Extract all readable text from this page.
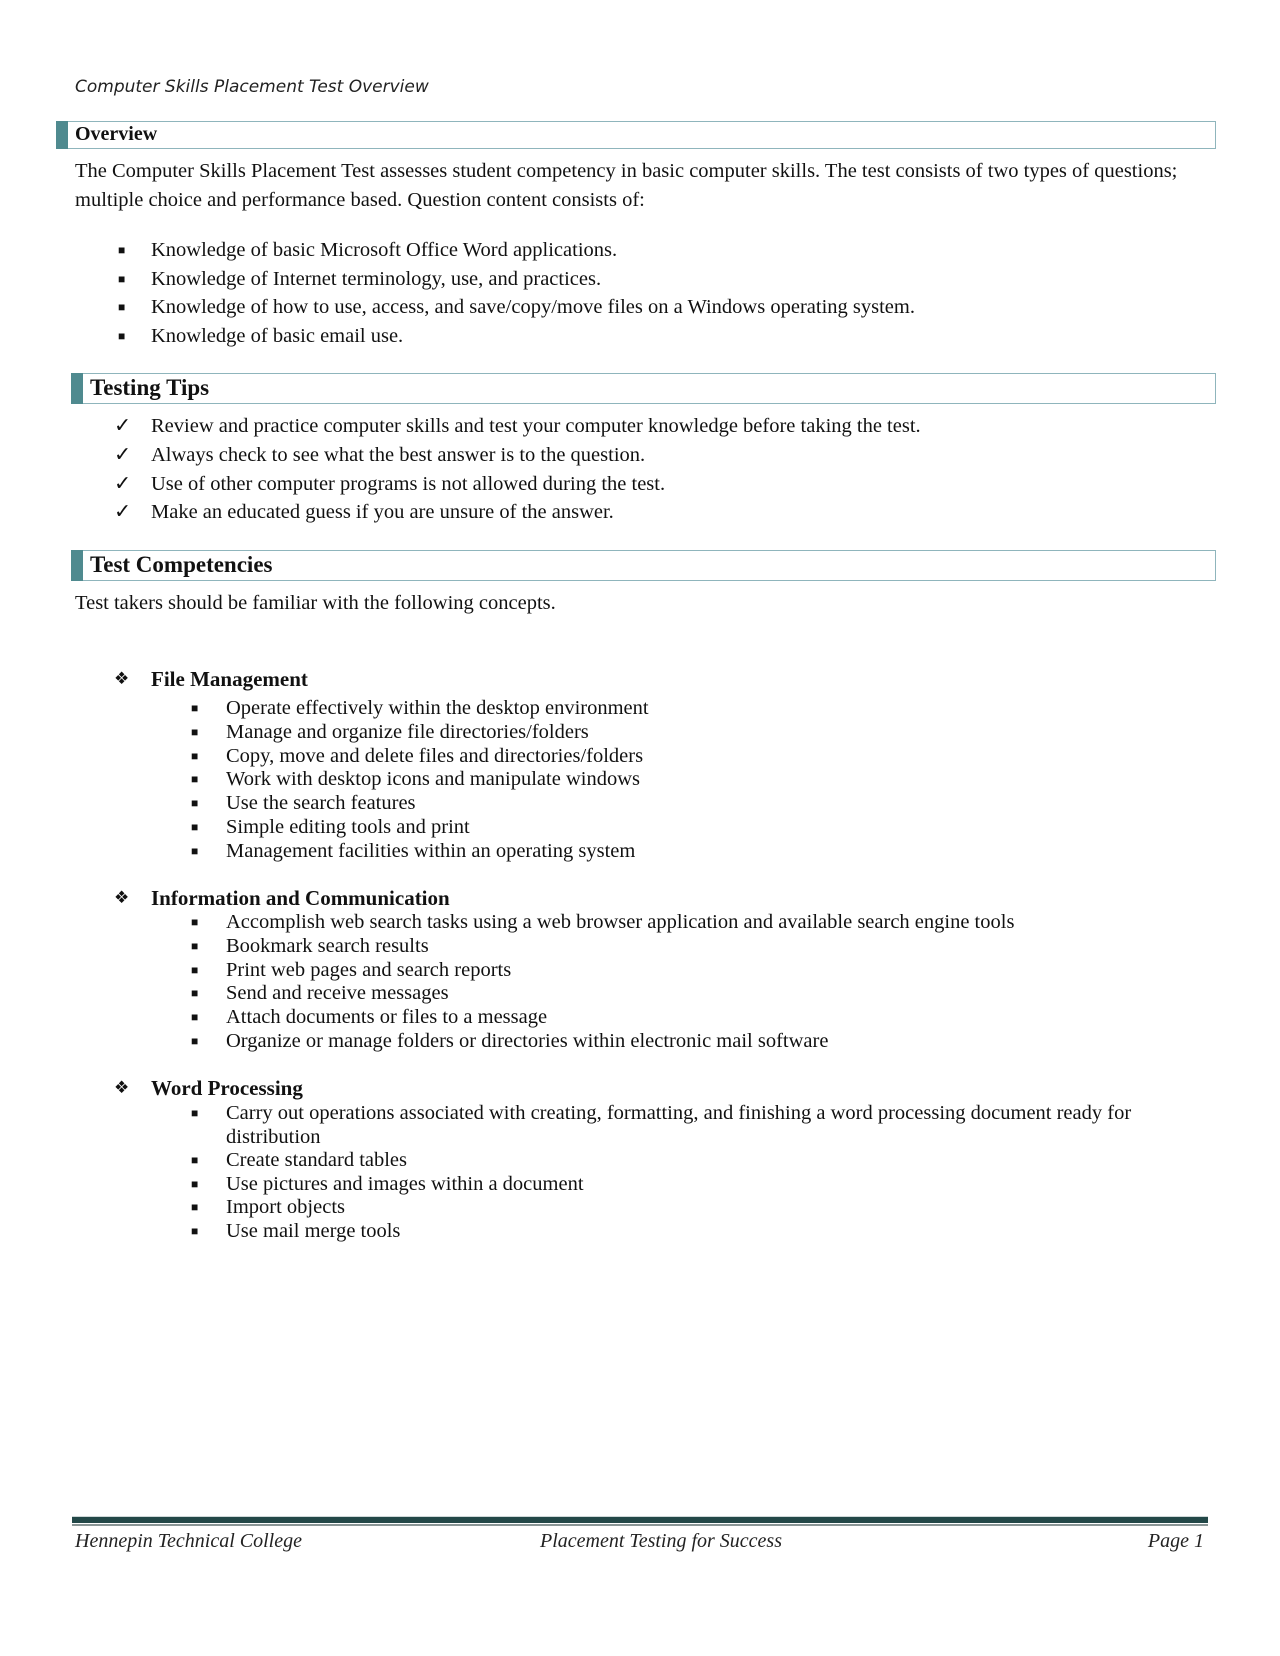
Computer Skills Placement Test Overview
Overview
The Computer Skills Placement Test assesses student competency in basic computer skills. The test consists of two types of questions; multiple choice and performance based. Question content consists of:
■ Knowledge of basic Microsoft Office Word applications.
■ Knowledge of Internet terminology, use, and practices.
■ Knowledge of how to use, access, and save/copy/move files on a Windows operating system.
■ Knowledge of basic email use.
Testing Tips
✓ Review and practice computer skills and test your computer knowledge before taking the test.
✓ Always check to see what the best answer is to the question.
✓ Use of other computer programs is not allowed during the test.
✓ Make an educated guess if you are unsure of the answer.
Test Competencies
Test takers should be familiar with the following concepts.
❖ File Management
■ Operate effectively within the desktop environment
■ Manage and organize file directories/folders
■ Copy, move and delete files and directories/folders
■ Work with desktop icons and manipulate windows
■ Use the search features
■ Simple editing tools and print
■ Management facilities within an operating system
❖ Information and Communication
■ Accomplish web search tasks using a web browser application and available search engine tools
■ Bookmark search results
■ Print web pages and search reports
■ Send and receive messages
■ Attach documents or files to a message
■ Organize or manage folders or directories within electronic mail software
❖ Word Processing
■ Carry out operations associated with creating, formatting, and finishing a word processing document ready for distribution
■ Create standard tables
■ Use pictures and images within a document
■ Import objects
■ Use mail merge tools
Hennepin Technical College	Placement Testing for Success	Page 1
